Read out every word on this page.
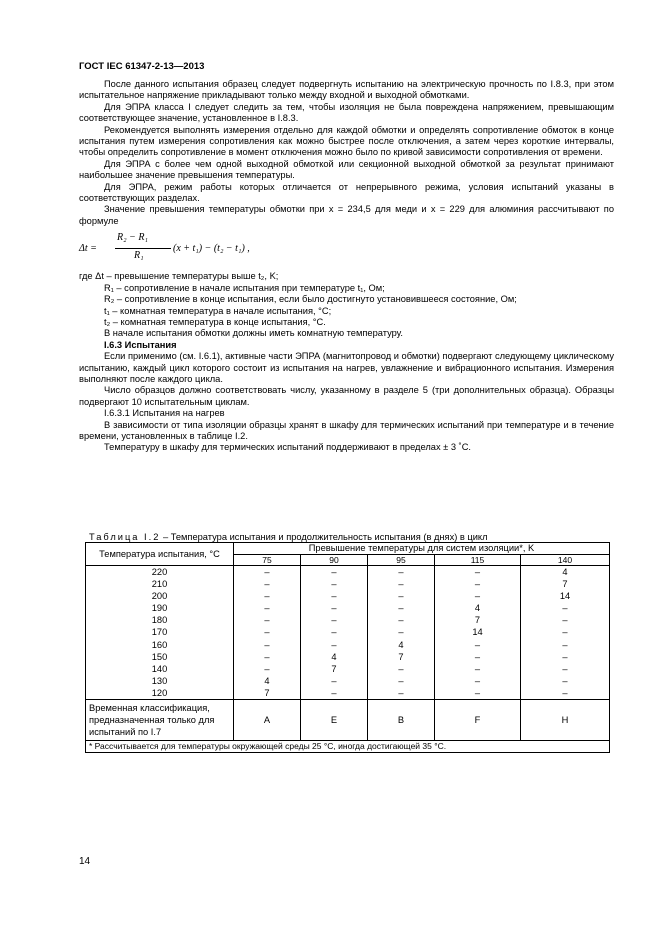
ГОСТ IEC 61347-2-13—2013

После данного испытания образец следует подвергнуть испытанию на электрическую прочность по I.8.3, при этом испытательное напряжение прикладывают только между входной и выходной обмотками.

Для ЭПРА класса I следует следить за тем, чтобы изоляция не была повреждена напряжением, превышающим соответствующее значение, установленное в I.8.3.

Рекомендуется выполнять измерения отдельно для каждой обмотки и определять сопротивление обмоток в конце испытания путем измерения сопротивления как можно быстрее после отключения, а затем через короткие интервалы, чтобы определить сопротивление в момент отключения можно было по кривой зависимости сопротивления от времени.

Для ЭПРА с более чем одной выходной обмоткой или секционной выходной обмоткой за результат принимают наибольшее значение превышения температуры.

Для ЭПРА, режим работы которых отличается от непрерывного режима, условия испытаний указаны в соответствующих разделах.

Значение превышения температуры обмотки при x = 234,5 для меди и x = 229 для алюминия рассчитывают по формуле

Δt =
R₂ − R₁
R₁
(x + t₁) − (t₂ − t₁) ,

где Δt – превышение температуры выше t₂, K;

R₁ – сопротивление в начале испытания при температуре t₁, Ом;

R₂ – сопротивление в конце испытания, если было достигнуто установившееся состояние, Ом;

t₁ – комнатная температура в начале испытания, °С;

t₂ – комнатная температура в конце испытания, °С.

В начале испытания обмотки должны иметь комнатную температуру.

I.6.3 Испытания

Если применимо (см. I.6.1), активные части ЭПРА (магнитопровод и обмотки) подвергают следующему циклическому испытанию, каждый цикл которого состоит из испытания на нагрев, увлажнение и вибрационного испытания. Измерения выполняют после каждого цикла.

Число образцов должно соответствовать числу, указанному в разделе 5 (три дополнительных образца). Образцы подвергают 10 испытательным циклам.

I.6.3.1 Испытания на нагрев

В зависимости от типа изоляции образцы хранят в шкафу для термических испытаний при температуре и в течение времени, установленных в таблице I.2.

Температуру в шкафу для термических испытаний поддерживают в пределах ± 3 ˚С.

Таблица I.2 – Температура испытания и продолжительность испытания (в днях) в цикл
Температура испытания, °С	Превышение температуры для систем изоляции*, K				
	75	90	95	115	140
220	–	–	–	–	4
210	–	–	–	–	7
200	–	–	–	–	14
190	–	–	–	4	–
180	–	–	–	7	–
170	–	–	–	14	–
160	–	–	4	–	–
150	–	4	7	–	–
140	–	7	–	–	–
130	4	–	–	–	–
120	7	–	–	–	–
Временная классификация, предназначенная только для испытаний по I.7	A	E	B	F	H
* Рассчитывается для температуры окружающей среды 25 °С, иногда достигающей 35 °С.					
14
